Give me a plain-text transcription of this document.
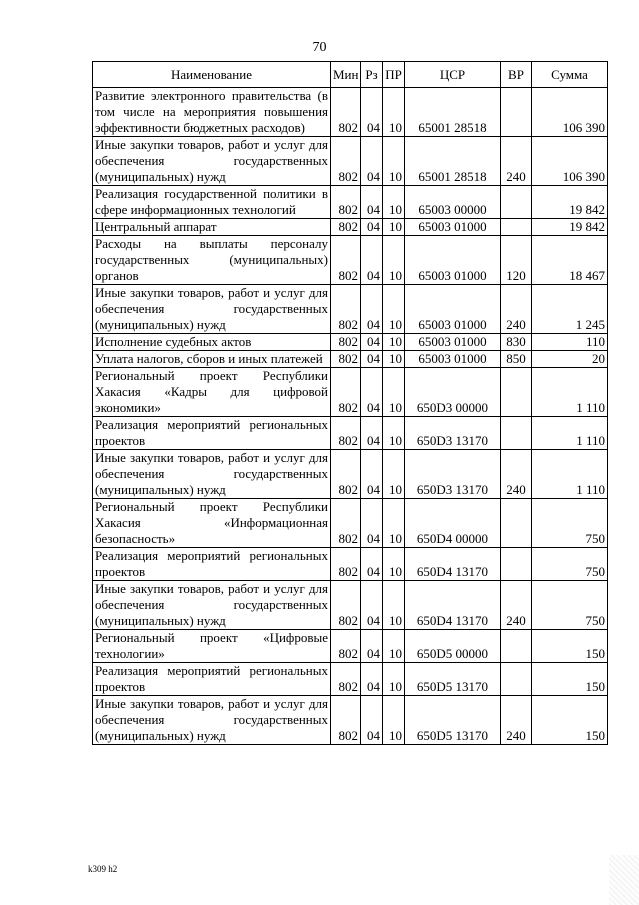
70
Наименование	Мин	Рз	ПР	ЦСР	ВР	Сумма
Развитие электронного правительства (в том числе на мероприятия повышения эффективности бюджетных расходов)	802	04	10	65001 28518		106 390
Иные закупки товаров, работ и услуг для обеспечения государственных (муниципальных) нужд	802	04	10	65001 28518	240	106 390
Реализация государственной политики в сфере информационных технологий	802	04	10	65003 00000		19 842
Центральный аппарат	802	04	10	65003 01000		19 842
Расходы на выплаты персоналу государственных (муниципальных) органов	802	04	10	65003 01000	120	18 467
Иные закупки товаров, работ и услуг для обеспечения государственных (муниципальных) нужд	802	04	10	65003 01000	240	1 245
Исполнение судебных актов	802	04	10	65003 01000	830	110
Уплата налогов, сборов и иных платежей	802	04	10	65003 01000	850	20
Региональный проект Республики Хакасия «Кадры для цифровой экономики»	802	04	10	650D3 00000		1 110
Реализация мероприятий региональных проектов	802	04	10	650D3 13170		1 110
Иные закупки товаров, работ и услуг для обеспечения государственных (муниципальных) нужд	802	04	10	650D3 13170	240	1 110
Региональный проект Республики Хакасия «Информационная безопасность»	802	04	10	650D4 00000		750
Реализация мероприятий региональных проектов	802	04	10	650D4 13170		750
Иные закупки товаров, работ и услуг для обеспечения государственных (муниципальных) нужд	802	04	10	650D4 13170	240	750
Региональный проект «Цифровые технологии»	802	04	10	650D5 00000		150
Реализация мероприятий региональных проектов	802	04	10	650D5 13170		150
Иные закупки товаров, работ и услуг для обеспечения государственных (муниципальных) нужд	802	04	10	650D5 13170	240	150
k309 h2
